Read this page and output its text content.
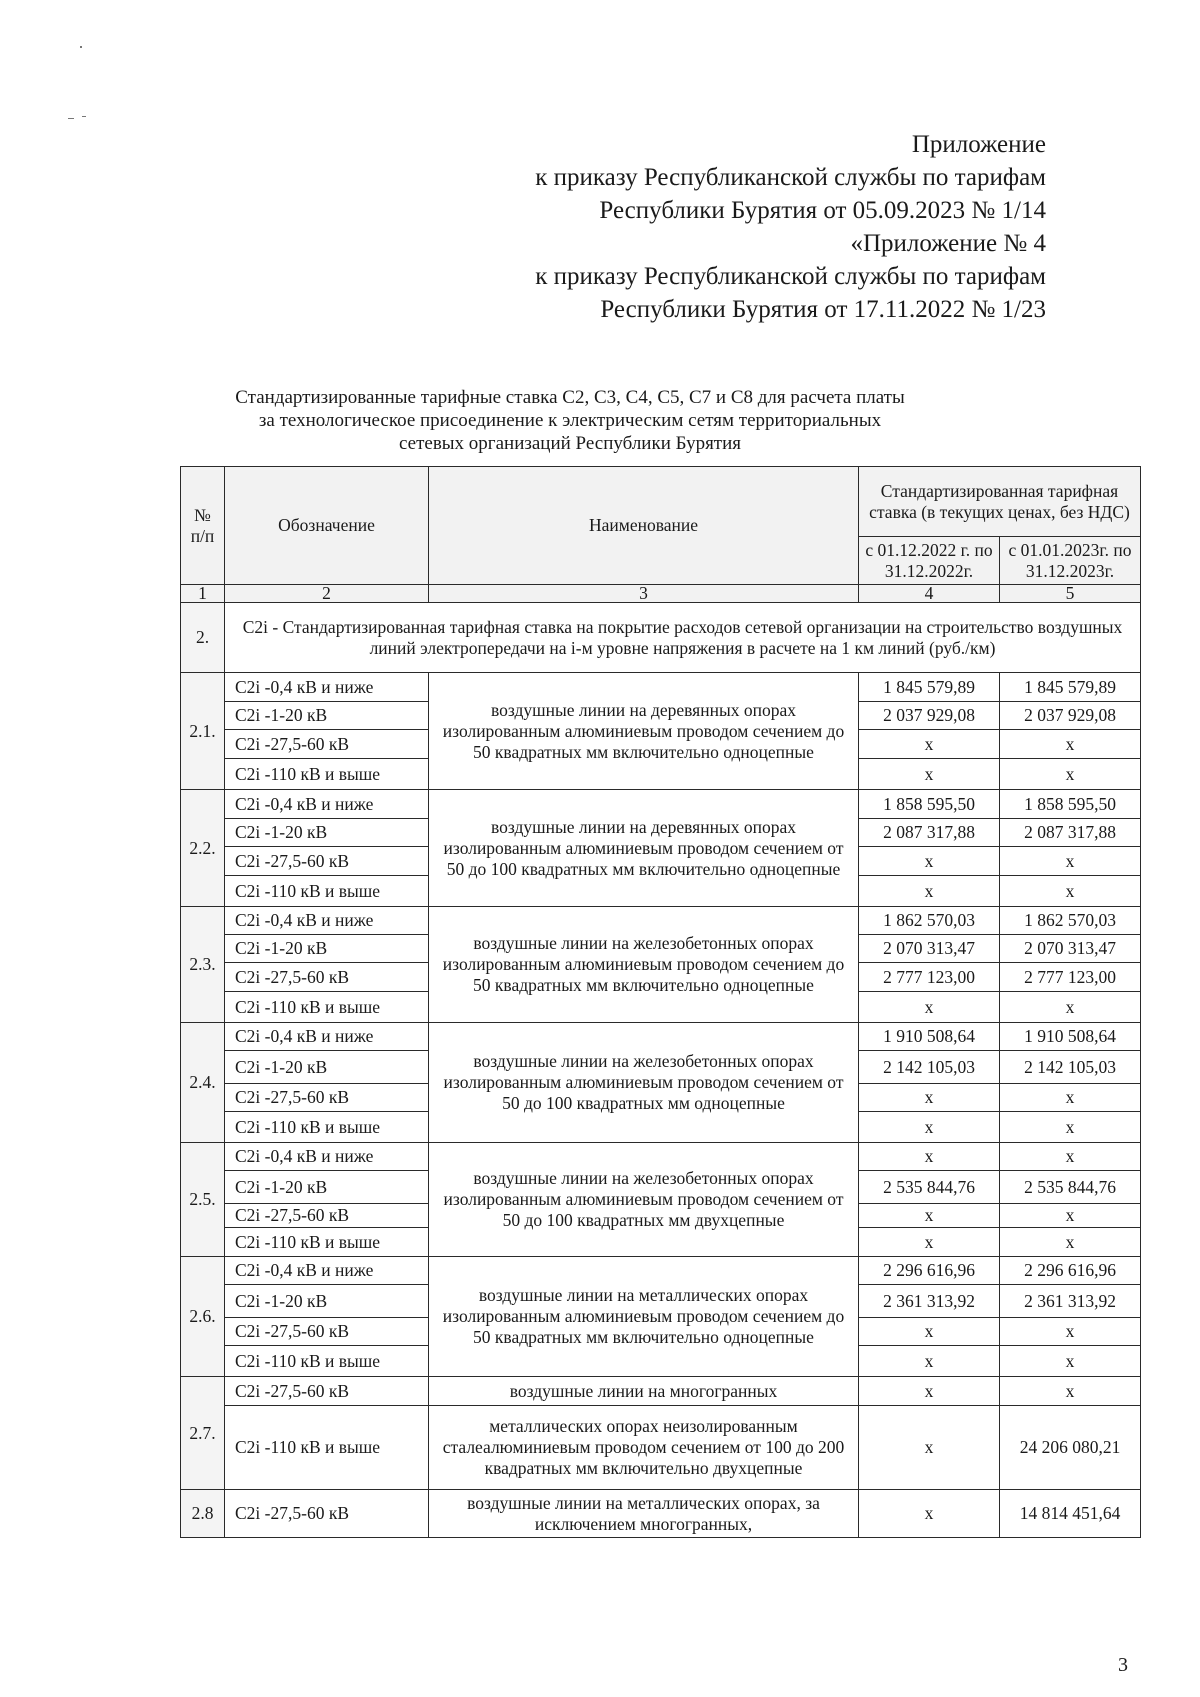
Приложение
к приказу Республиканской службы по тарифам
Республики Бурятия от 05.09.2023 № 1/14
«Приложение № 4
к приказу Республиканской службы по тарифам
Республики Бурятия от 17.11.2022 № 1/23
Стандартизированные тарифные ставка С2, С3, С4, С5, С7 и С8 для расчета платы
за технологическое присоединение к электрическим сетям территориальных
сетевых организаций Республики Бурятия
№ п/п	Обозначение	Наименование	Стандартизированная тарифная ставка (в текущих ценах, без НДС)	
			с 01.12.2022 г. по 31.12.2022г.	с 01.01.2023г. по 31.12.2023г.
1	2	3	4	5
2.	C2i - Стандартизированная тарифная ставка на покрытие расходов сетевой организации на строительство воздушных линий электропередачи на i-м уровне напряжения в расчете на 1 км линий (руб./км)			
2.1.	C2i -0,4 кВ и ниже	воздушные линии на деревянных опорах изолированным алюминиевым проводом сечением до 50 квадратных мм включительно одноцепные	1 845 579,89	1 845 579,89
	C2i -1-20 кВ		2 037 929,08	2 037 929,08
	C2i -27,5-60 кВ		х	х
	C2i -110 кВ и выше		х	х
2.2.	C2i -0,4 кВ и ниже	воздушные линии на деревянных опорах изолированным алюминиевым проводом сечением от 50 до 100 квадратных мм включительно одноцепные	1 858 595,50	1 858 595,50
	C2i -1-20 кВ		2 087 317,88	2 087 317,88
	C2i -27,5-60 кВ		х	х
	C2i -110 кВ и выше		х	х
2.3.	C2i -0,4 кВ и ниже	воздушные линии на железобетонных опорах изолированным алюминиевым проводом сечением до 50 квадратных мм включительно одноцепные	1 862 570,03	1 862 570,03
	C2i -1-20 кВ		2 070 313,47	2 070 313,47
	C2i -27,5-60 кВ		2 777 123,00	2 777 123,00
	C2i -110 кВ и выше		х	х
2.4.	C2i -0,4 кВ и ниже	воздушные линии на железобетонных опорах изолированным алюминиевым проводом сечением от 50 до 100 квадратных мм одноцепные	1 910 508,64	1 910 508,64
	C2i -1-20 кВ		2 142 105,03	2 142 105,03
	C2i -27,5-60 кВ		х	х
	C2i -110 кВ и выше		х	х
2.5.	C2i -0,4 кВ и ниже	воздушные линии на железобетонных опорах изолированным алюминиевым проводом сечением от 50 до 100 квадратных мм двухцепные	х	х
	C2i -1-20 кВ		2 535 844,76	2 535 844,76
	C2i -27,5-60 кВ		х	х
	C2i -110 кВ и выше		х	х
2.6.	C2i -0,4 кВ и ниже	воздушные линии на металлических опорах изолированным алюминиевым проводом сечением до 50 квадратных мм включительно одноцепные	2 296 616,96	2 296 616,96
	C2i -1-20 кВ		2 361 313,92	2 361 313,92
	C2i -27,5-60 кВ		х	х
	C2i -110 кВ и выше		х	х
2.7.	C2i -27,5-60 кВ	воздушные линии на многогранных	х	х
	C2i -110 кВ и выше	металлических опорах неизолированным сталеалюминиевым проводом сечением от 100 до 200 квадратных мм включительно двухцепные	х	24 206 080,21
2.8	C2i -27,5-60 кВ	воздушные линии на металлических опорах, за исключением многогранных,	х	14 814 451,64
3
